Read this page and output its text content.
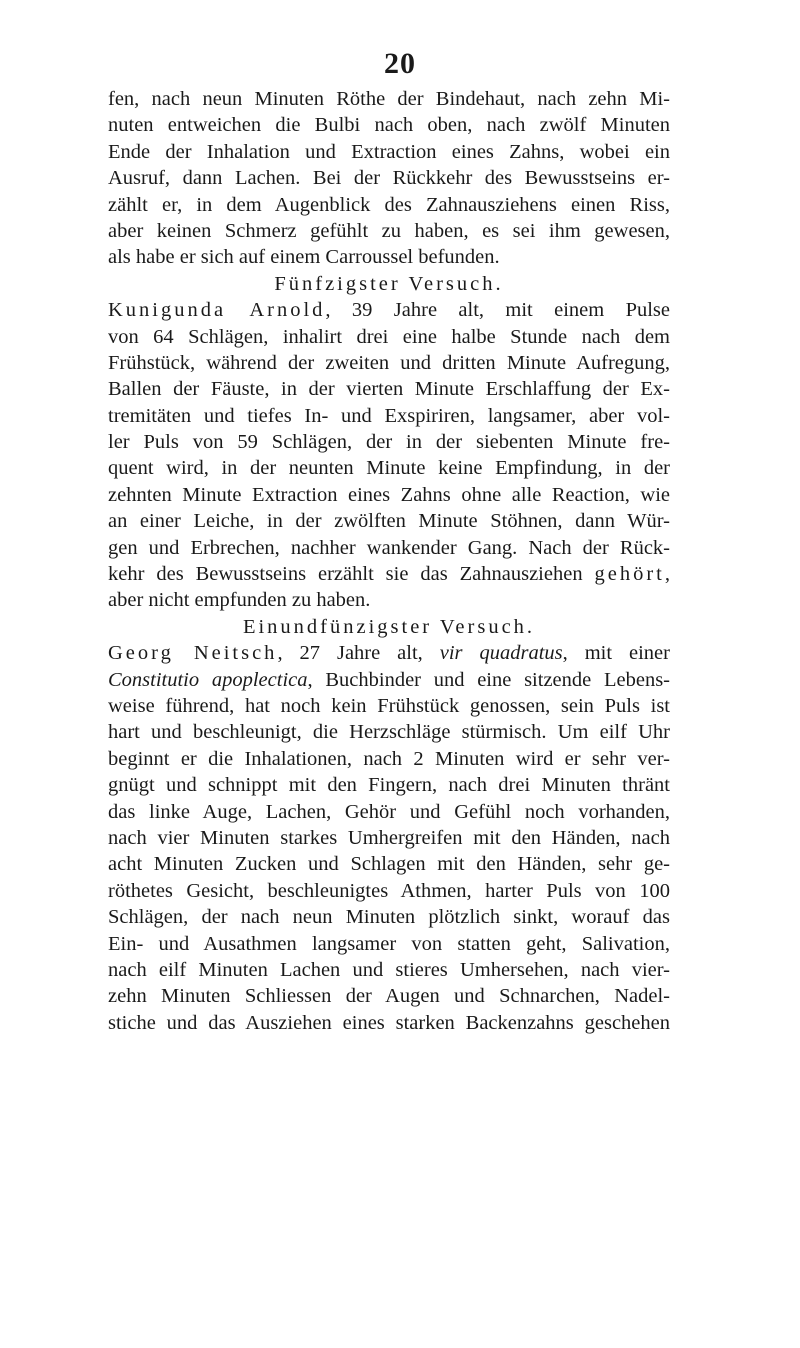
20
fen, nach neun Minuten Röthe der Bindehaut, nach zehn Mi-
nuten entweichen die Bulbi nach oben, nach zwölf Minuten
Ende der Inhalation und Extraction eines Zahns, wobei ein
Ausruf, dann Lachen. Bei der Rückkehr des Bewusstseins er-
zählt er, in dem Augenblick des Zahnausziehens einen Riss,
aber keinen Schmerz gefühlt zu haben, es sei ihm gewesen,
als habe er sich auf einem Carroussel befunden.
Fünfzigster Versuch.
Kunigunda Arnold, 39 Jahre alt, mit einem Pulse
von 64 Schlägen, inhalirt drei eine halbe Stunde nach dem
Frühstück, während der zweiten und dritten Minute Aufregung,
Ballen der Fäuste, in der vierten Minute Erschlaffung der Ex-
tremitäten und tiefes In- und Exspiriren, langsamer, aber vol-
ler Puls von 59 Schlägen, der in der siebenten Minute fre-
quent wird, in der neunten Minute keine Empfindung, in der
zehnten Minute Extraction eines Zahns ohne alle Reaction, wie
an einer Leiche, in der zwölften Minute Stöhnen, dann Wür-
gen und Erbrechen, nachher wankender Gang. Nach der Rück-
kehr des Bewusstseins erzählt sie das Zahnausziehen gehört,
aber nicht empfunden zu haben.
Einundfünzigster Versuch.
Georg Neitsch, 27 Jahre alt, vir quadratus, mit einer
Constitutio apoplectica, Buchbinder und eine sitzende Lebens-
weise führend, hat noch kein Frühstück genossen, sein Puls ist
hart und beschleunigt, die Herzschläge stürmisch. Um eilf Uhr
beginnt er die Inhalationen, nach 2 Minuten wird er sehr ver-
gnügt und schnippt mit den Fingern, nach drei Minuten thränt
das linke Auge, Lachen, Gehör und Gefühl noch vorhanden,
nach vier Minuten starkes Umhergreifen mit den Händen, nach
acht Minuten Zucken und Schlagen mit den Händen, sehr ge-
röthetes Gesicht, beschleunigtes Athmen, harter Puls von 100
Schlägen, der nach neun Minuten plötzlich sinkt, worauf das
Ein- und Ausathmen langsamer von statten geht, Salivation,
nach eilf Minuten Lachen und stieres Umhersehen, nach vier-
zehn Minuten Schliessen der Augen und Schnarchen, Nadel-
stiche und das Ausziehen eines starken Backenzahns geschehen
